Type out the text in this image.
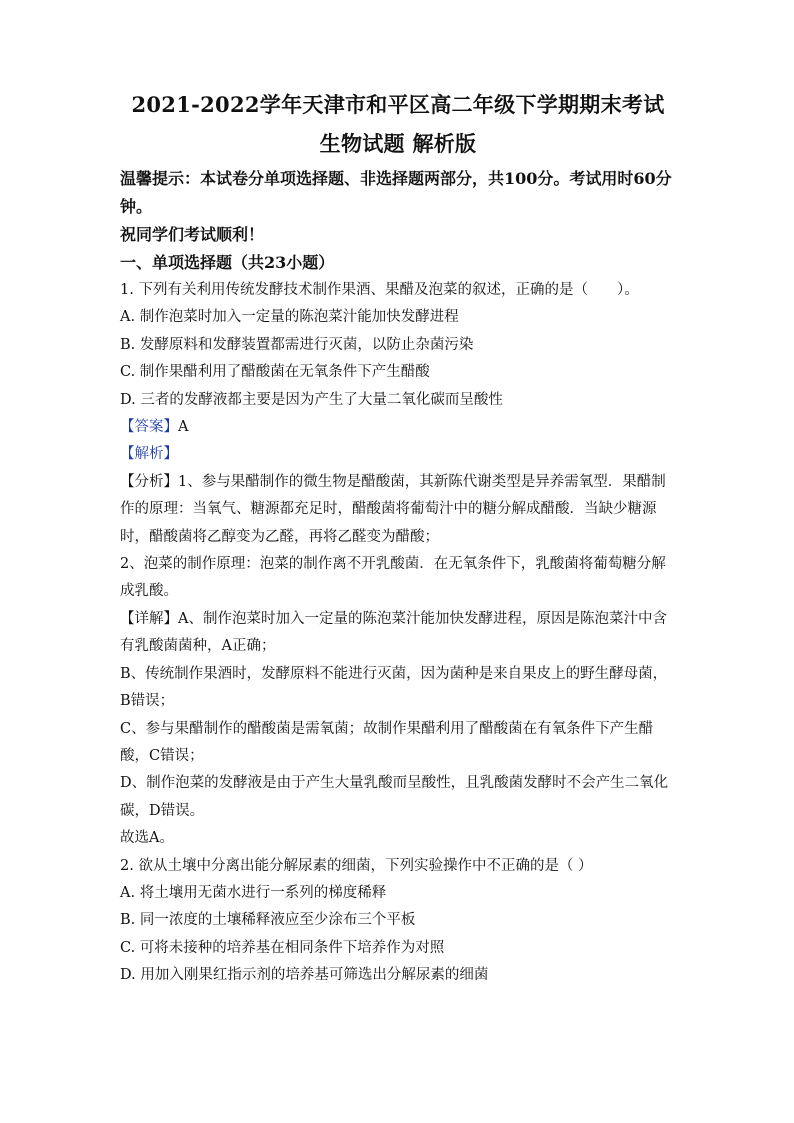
2021-2022学年天津市和平区高二年级下学期期末考试

生物试题 解析版

温馨提示：本试卷分单项选择题、非选择题两部分，共100分。考试用时60分钟。

祝同学们考试顺利！

一、单项选择题（共23小题）

1. 下列有关利用传统发酵技术制作果酒、果醋及泡菜的叙述，正确的是（　　）。

A. 制作泡菜时加入一定量的陈泡菜汁能加快发酵进程

B. 发酵原料和发酵装置都需进行灭菌，以防止杂菌污染

C. 制作果醋利用了醋酸菌在无氧条件下产生醋酸

D. 三者的发酵液都主要是因为产生了大量二氧化碳而呈酸性

【答案】A

【解析】

【分析】1、参与果醋制作的微生物是醋酸菌，其新陈代谢类型是异养需氧型．果醋制作的原理：当氧气、糖源都充足时，醋酸菌将葡萄汁中的糖分解成醋酸．当缺少糖源时，醋酸菌将乙醇变为乙醛，再将乙醛变为醋酸；

2、泡菜的制作原理：泡菜的制作离不开乳酸菌．在无氧条件下，乳酸菌将葡萄糖分解成乳酸。

【详解】A、制作泡菜时加入一定量的陈泡菜汁能加快发酵进程，原因是陈泡菜汁中含有乳酸菌菌种，A正确；

B、传统制作果酒时，发酵原料不能进行灭菌，因为菌种是来自果皮上的野生酵母菌，B错误；

C、参与果醋制作的醋酸菌是需氧菌；故制作果醋利用了醋酸菌在有氧条件下产生醋酸，C错误；

D、制作泡菜的发酵液是由于产生大量乳酸而呈酸性，且乳酸菌发酵时不会产生二氧化碳，D错误。

故选A。

2. 欲从土壤中分离出能分解尿素的细菌，下列实验操作中不正确的是（ ）

A. 将土壤用无菌水进行一系列的梯度稀释

B. 同一浓度的土壤稀释液应至少涂布三个平板

C. 可将未接种的培养基在相同条件下培养作为对照

D. 用加入刚果红指示剂的培养基可筛选出分解尿素的细菌
